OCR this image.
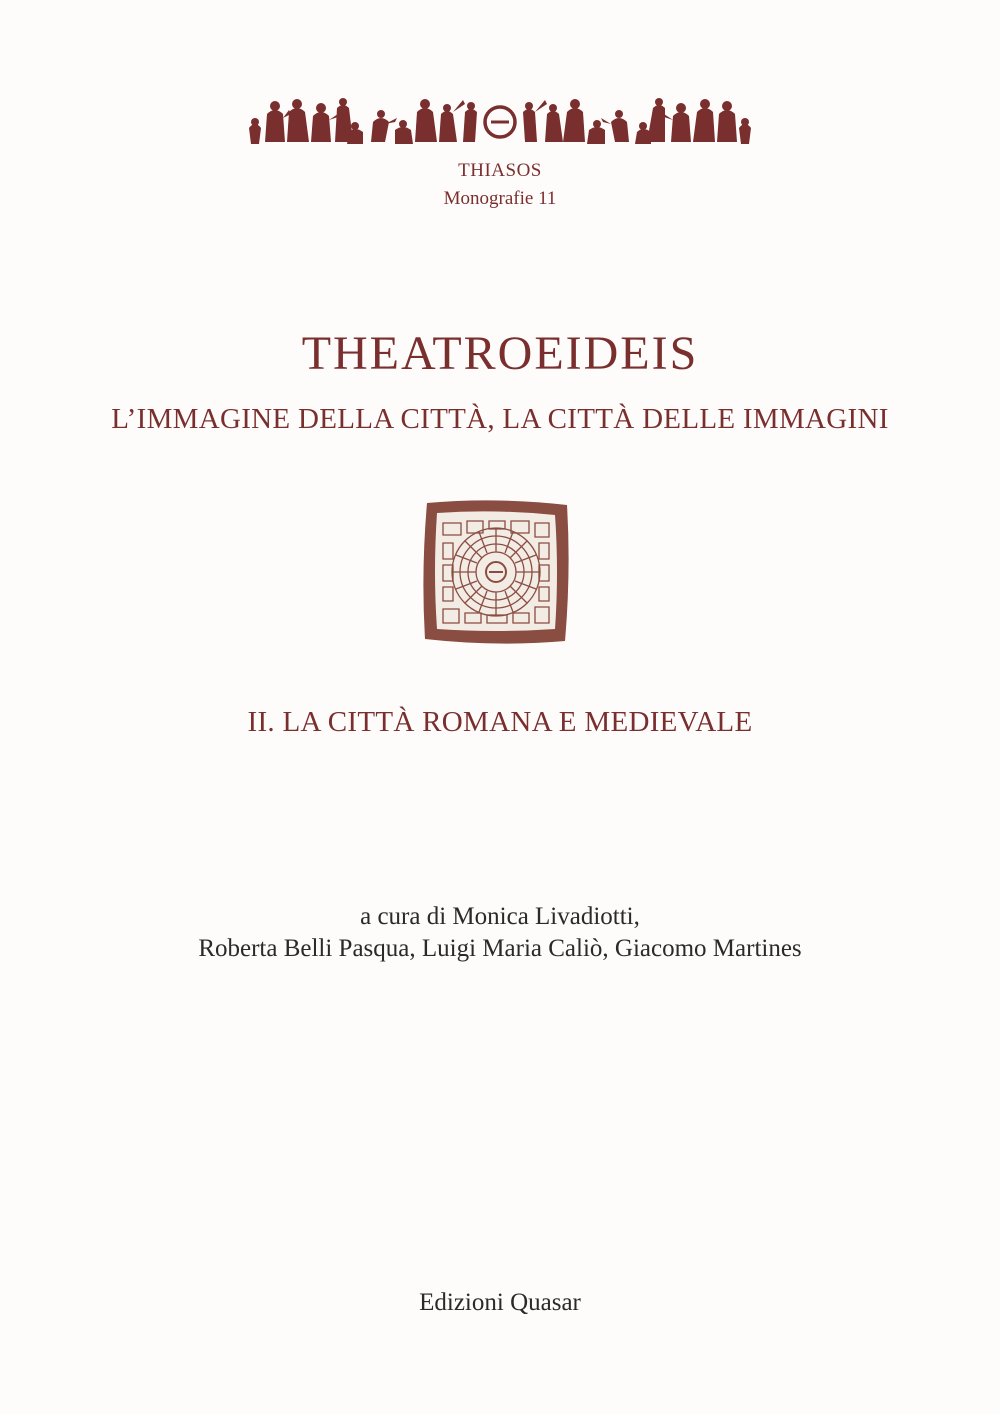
THIASOS
Monografie 11
THEATROEIDEIS
L’IMMAGINE DELLA CITTÀ, LA CITTÀ DELLE IMMAGINI
II. LA CITTÀ ROMANA E MEDIEVALE
a cura di Monica Livadiotti,
Roberta Belli Pasqua, Luigi Maria Caliò, Giacomo Martines
Edizioni Quasar
